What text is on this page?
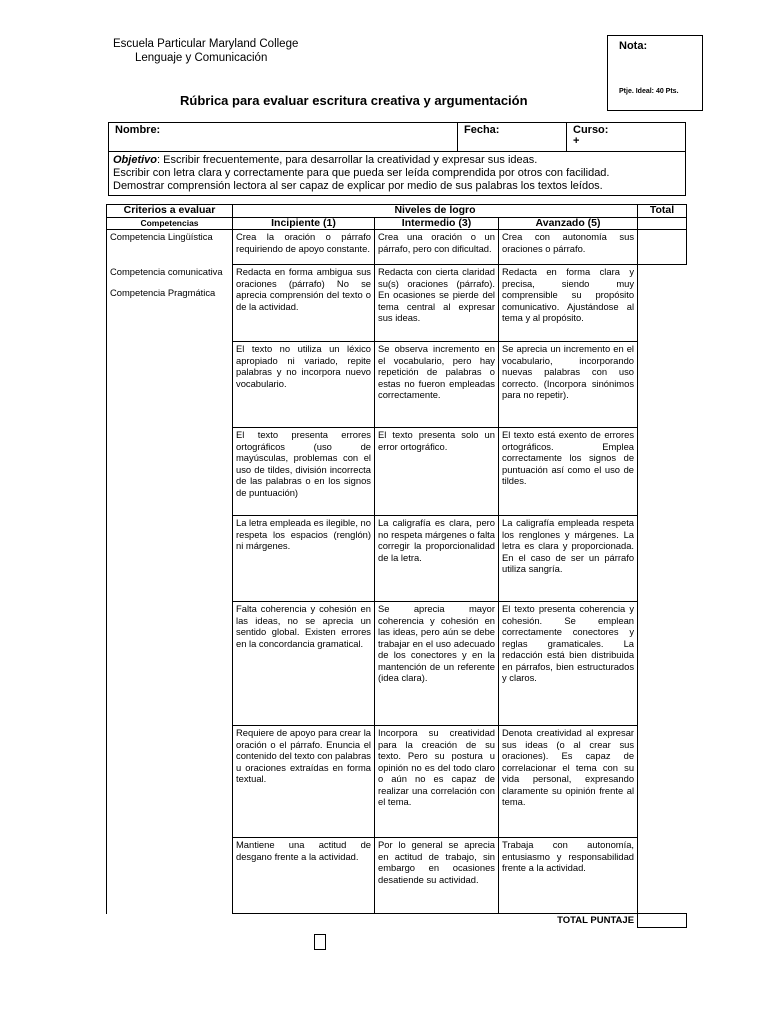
Escuela Particular Maryland College
Lenguaje y Comunicación
Nota:
Ptje. Ideal: 40 Pts.
Rúbrica para evaluar escritura creativa y argumentación
Nombre:	Fecha:	Curso:
+

Objetivo: Escribir frecuentemente, para desarrollar la creatividad y expresar sus ideas.
Escribir con letra clara y correctamente para que pueda ser leída comprendida por otros con facilidad.
Demostrar comprensión lectora al ser capaz de explicar por medio de sus palabras los textos leídos.
Criterios a evaluar	Niveles de logro			Total
Competencias	Incipiente (1)	Intermedio (3)	Avanzado (5)	
Competencia Lingüística	Crea la oración o párrafo requiriendo de apoyo constante.	Crea una oración o un párrafo, pero con dificultad.	Crea con autonomía sus oraciones o párrafo.	

Competencia comunicativa
Competencia Pragmática	Redacta en forma ambigua sus oraciones (párrafo) No se aprecia comprensión del texto o de la actividad.	Redacta con cierta claridad su(s) oraciones (párrafo). En ocasiones se pierde del tema central al expresar sus ideas.	Redacta en forma clara y precisa, siendo muy comprensible su propósito comunicativo. Ajustándose al tema y al propósito.	
	El texto no utiliza un léxico apropiado ni variado, repite palabras y no incorpora nuevo vocabulario.	Se observa incremento en el vocabulario, pero hay repetición de palabras o estas no fueron empleadas correctamente.	Se aprecia un incremento en el vocabulario, incorporando nuevas palabras con uso correcto. (Incorpora sinónimos para no repetir).	
	El texto presenta errores ortográficos (uso de mayúsculas, problemas con el uso de tildes, división incorrecta de las palabras o en los signos de puntuación)	El texto presenta solo un error ortográfico.	El texto está exento de errores ortográficos. Emplea correctamente los signos de puntuación así como el uso de tildes.	
	La letra empleada es ilegible, no respeta los espacios (renglón) ni márgenes.	La caligrafía es clara, pero no respeta márgenes o falta corregir la proporcionalidad de la letra.	La caligrafía empleada respeta los renglones y márgenes. La letra es clara y proporcionada. En el caso de ser un párrafo utiliza sangría.	
	Falta coherencia y cohesión en las ideas, no se aprecia un sentido global. Existen errores en la concordancia gramatical.	Se aprecia mayor coherencia y cohesión en las ideas, pero aún se debe trabajar en el uso adecuado de los conectores y en la mantención de un referente (idea clara).	El texto presenta coherencia y cohesión. Se emplean correctamente conectores y reglas gramaticales. La redacción está bien distribuida en párrafos, bien estructurados y claros.	
	Requiere de apoyo para crear la oración o el párrafo. Enuncia el contenido del texto con palabras u oraciones extraídas en forma textual.	Incorpora su creatividad para la creación de su texto. Pero su postura u opinión no es del todo claro o aún no es capaz de realizar una correlación con el tema.	Denota creatividad al expresar sus ideas (o al crear sus oraciones). Es capaz de correlacionar el tema con su vida personal, expresando claramente su opinión frente al tema.	
	Mantiene una actitud de desgano frente a la actividad.	Por lo general se aprecia en actitud de trabajo, sin embargo en ocasiones desatiende su actividad.	Trabaja con autonomía, entusiasmo y responsabilidad frente a la actividad.	
			TOTAL PUNTAJE	
